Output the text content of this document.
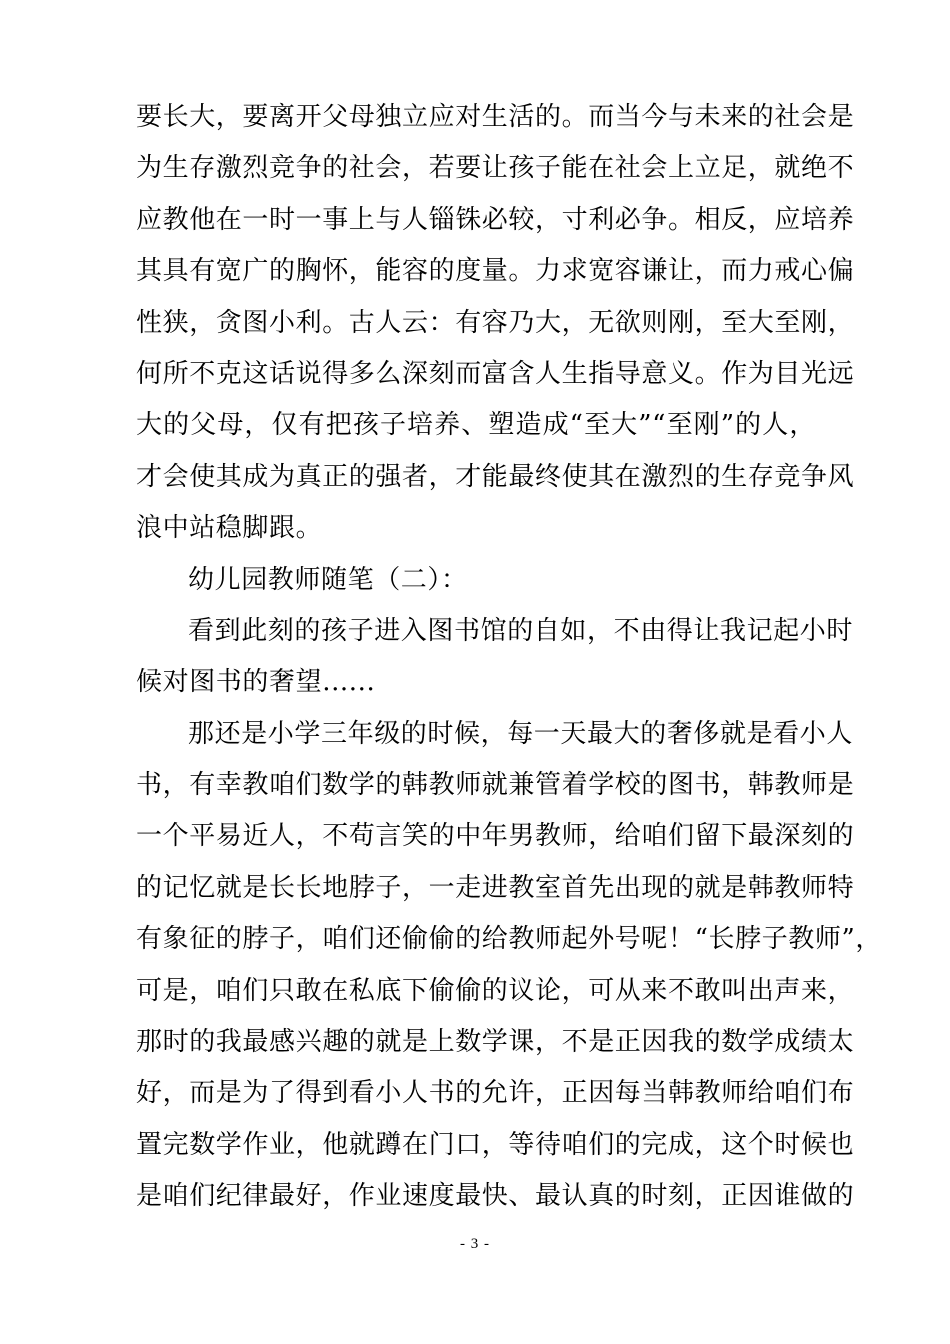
要长大，要离开父母独立应对生活的。而当今与未来的社会是
为生存激烈竞争的社会，若要让孩子能在社会上立足，就绝不
应教他在一时一事上与人锱铢必较，寸利必争。相反，应培养
其具有宽广的胸怀，能容的度量。力求宽容谦让，而力戒心偏
性狭，贪图小利。古人云：有容乃大，无欲则刚，至大至刚，
何所不克这话说得多么深刻而富含人生指导意义。作为目光远
大的父母，仅有把孩子培养、塑造成“至大”“至刚”的人，
才会使其成为真正的强者，才能最终使其在激烈的生存竞争风
浪中站稳脚跟。
幼儿园教师随笔（二）：
看到此刻的孩子进入图书馆的自如，不由得让我记起小时
候对图书的奢望......
那还是小学三年级的时候，每一天最大的奢侈就是看小人
书，有幸教咱们数学的韩教师就兼管着学校的图书，韩教师是
一个平易近人，不苟言笑的中年男教师，给咱们留下最深刻的
的记忆就是长长地脖子，一走进教室首先出现的就是韩教师特
有象征的脖子，咱们还偷偷的给教师起外号呢！“长脖子教师”，
可是，咱们只敢在私底下偷偷的议论，可从来不敢叫出声来，
那时的我最感兴趣的就是上数学课，不是正因我的数学成绩太
好，而是为了得到看小人书的允许，正因每当韩教师给咱们布
置完数学作业，他就蹲在门口，等待咱们的完成，这个时候也
是咱们纪律最好，作业速度最快、最认真的时刻，正因谁做的
- 3 -
